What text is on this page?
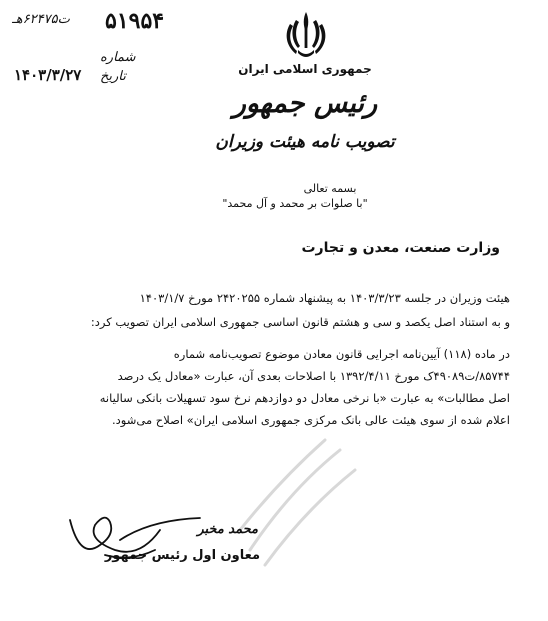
ت۶۲۴۷۵هـ ۵۱۹۵۴
شماره
۱۴۰۳/۳/۲۷ تاریخ	جمهوری اسلامی ایران
رئیس جمهور
تصویب نامه هیئت وزیران
بسمه تعالی
"با صلوات بر محمد و آل محمد"
وزارت صنعت، معدن و تجارت
هیئت وزیران در جلسه ۱۴۰۳/۳/۲۳ به پیشنهاد شماره ۲۴۲۰۲۵۵ مورخ ۱۴۰۳/۱/۷
و به استناد اصل یکصد و سی و هشتم قانون اساسی جمهوری اسلامی ایران تصویب کرد:
در ماده (۱۱۸) آیین‌نامه اجرایی قانون معادن موضوع تصویب‌نامه شماره
۸۵۷۴۴/ت۴۹۰۸۹ک مورخ ۱۳۹۲/۴/۱۱ با اصلاحات بعدی آن، عبارت «معادل یک درصد
اصل مطالبات» به عبارت «با نرخی معادل دو دوازدهم نرخ سود تسهیلات بانکی سالیانه
اعلام شده از سوی هیئت عالی بانک مرکزی جمهوری اسلامی ایران» اصلاح می‌شود.
محمد مخبر
معاون اول رئیس جمهور
